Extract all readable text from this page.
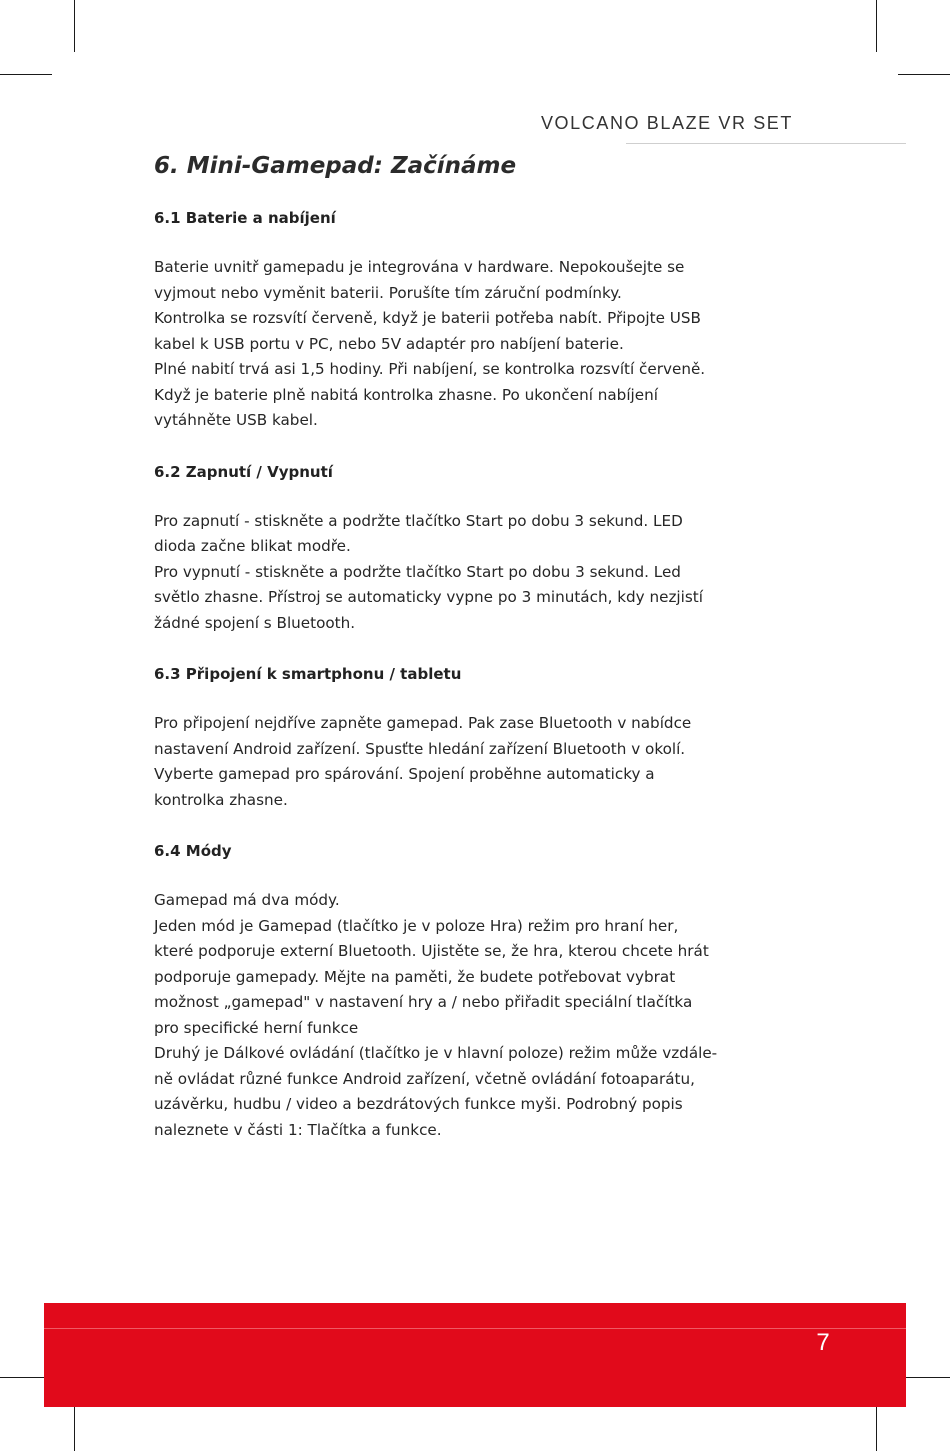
VOLCANO BLAZE VR SET
6. Mini-Gamepad: Začínáme
6.1 Baterie a nabíjení

Baterie uvnitř gamepadu je integrována v hardware. Nepokoušejte se
vyjmout nebo vyměnit baterii. Porušíte tím záruční podmínky.
Kontrolka se rozsvítí červeně, když je baterii potřeba nabít. Připojte USB
kabel k USB portu v PC, nebo 5V adaptér pro nabíjení baterie.
Plné nabití trvá asi 1,5 hodiny. Při nabíjení, se kontrolka rozsvítí červeně.
Když je baterie plně nabitá kontrolka zhasne. Po ukončení nabíjení
vytáhněte USB kabel.

6.2 Zapnutí / Vypnutí

Pro zapnutí - stiskněte a podržte tlačítko Start po dobu 3 sekund. LED
dioda začne blikat modře.
Pro vypnutí - stiskněte a podržte tlačítko Start po dobu 3 sekund. Led
světlo zhasne. Přístroj se automaticky vypne po 3 minutách, kdy nezjistí
žádné spojení s Bluetooth.

6.3 Připojení k smartphonu / tabletu

Pro připojení nejdříve zapněte gamepad. Pak zase Bluetooth v nabídce
nastavení Android zařízení. Spusťte hledání zařízení Bluetooth v okolí.
Vyberte gamepad pro spárování. Spojení proběhne automaticky a
kontrolka zhasne.

6.4 Módy

Gamepad má dva módy.
Jeden mód je Gamepad (tlačítko je v poloze Hra) režim pro hraní her,
které podporuje externí Bluetooth. Ujistěte se, že hra, kterou chcete hrát
podporuje gamepady. Mějte na paměti, že budete potřebovat vybrat
možnost „gamepad" v nastavení hry a / nebo přiřadit speciální tlačítka
pro specifické herní funkce
Druhý je Dálkové ovládání (tlačítko je v hlavní poloze) režim může vzdále-
ně ovládat různé funkce Android zařízení, včetně ovládání fotoaparátu,
uzávěrku, hudbu / video a bezdrátových funkce myši. Podrobný popis
naleznete v části 1: Tlačítka a funkce.

7
